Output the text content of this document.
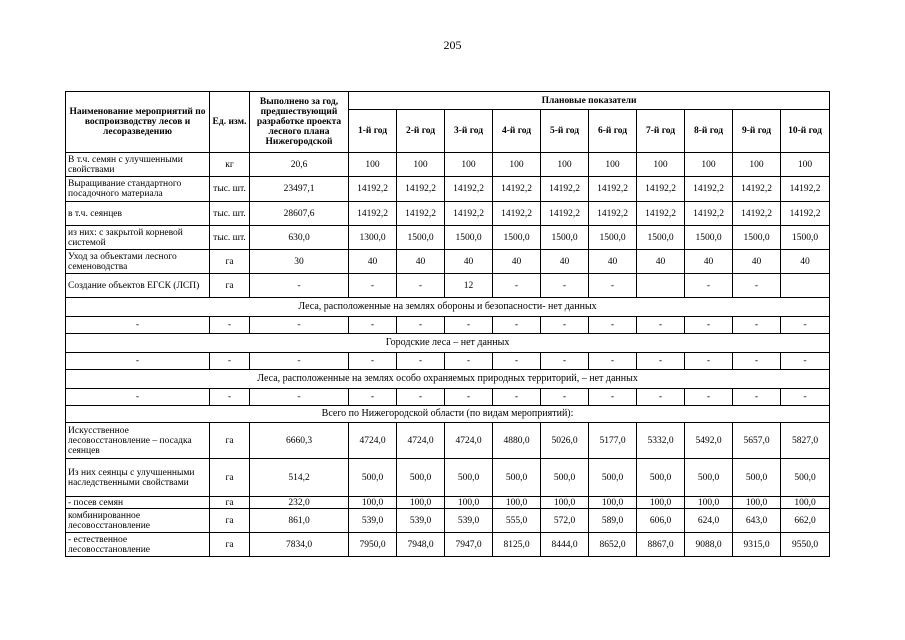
205
Наименование мероприятий по воспроизводству лесов и лесоразведению	Ед. изм.	Выполнено за год, предшествующий разработке проекта лесного плана Нижегородской	Плановые показатели									
			1-й год	2-й год	3-й год	4-й год	5-й год	6-й год	7-й год	8-й год	9-й год	10-й год
В т.ч. семян с улучшенными свойствами	кг	20,6	100	100	100	100	100	100	100	100	100	100
Выращивание стандартного посадочного материала	тыс. шт.	23497,1	14192,2	14192,2	14192,2	14192,2	14192,2	14192,2	14192,2	14192,2	14192,2	14192,2
в т.ч. сеянцев	тыс. шт.	28607,6	14192,2	14192,2	14192,2	14192,2	14192,2	14192,2	14192,2	14192,2	14192,2	14192,2
из них: с закрытой корневой системой	тыс. шт.	630,0	1300,0	1500,0	1500,0	1500,0	1500,0	1500,0	1500,0	1500,0	1500,0	1500,0
Уход за объектами лесного семеноводства	га	30	40	40	40	40	40	40	40	40	40	40
Создание объектов ЕГСК (ЛСП)	га	-	-	-	12	-	-	-		-	-	
Леса, расположенные на землях обороны и безопасности- нет данных												
-	-	-	-	-	-	-	-	-	-	-	-	-
Городские леса – нет данных												
-	-	-	-	-	-	-	-	-	-	-	-	-
Леса, расположенные на землях особо охраняемых природных территорий, – нет данных												
-	-	-	-	-	-	-	-	-	-	-	-	-
Всего по Нижегородской области (по видам мероприятий):												
Искусственное лесовосстановление – посадка сеянцев	га	6660,3	4724,0	4724,0	4724,0	4880,0	5026,0	5177,0	5332,0	5492,0	5657,0	5827,0
Из них сеянцы с улучшенными наследственными свойствами	га	514,2	500,0	500,0	500,0	500,0	500,0	500,0	500,0	500,0	500,0	500,0
- посев семян	га	232,0	100,0	100,0	100,0	100,0	100,0	100,0	100,0	100,0	100,0	100,0
комбинированное лесовосстановление	га	861,0	539,0	539,0	539,0	555,0	572,0	589,0	606,0	624,0	643,0	662,0
- естественное лесовосстановление	га	7834,0	7950,0	7948,0	7947,0	8125,0	8444,0	8652,0	8867,0	9088,0	9315,0	9550,0
